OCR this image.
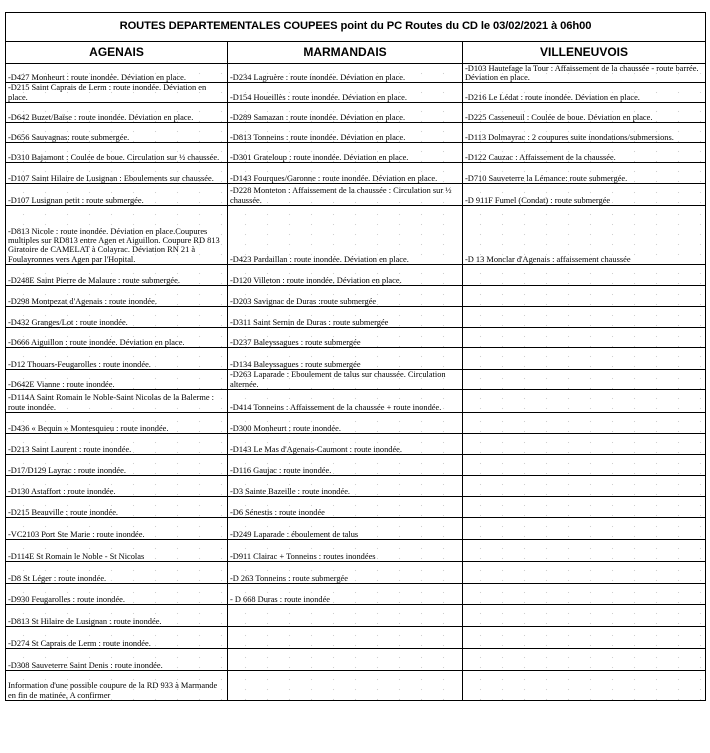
ROUTES DEPARTEMENTALES COUPEES point du PC Routes du CD le 03/02/2021 à 06h00		
AGENAIS	MARMANDAIS	VILLENEUVOIS
-D427 Monheurt : route inondée. Déviation en place.	-D234 Lagruère : route inondée. Déviation en place.	-D103 Hautefage la Tour : Affaissement de la chaussée - route barrée. Déviation en place.
-D215 Saint Caprais de Lerm : route inondée. Déviation en place.	-D154 Houeillès : route inondée. Déviation en place.	-D216 Le Lédat : route inondée. Déviation en place.
-D642 Buzet/Baïse : route inondée. Déviation en place.	-D289 Samazan : route inondée. Déviation en place.	-D225 Casseneuil : Coulée de boue. Déviation en place.
-D656 Sauvagnas: route submergée.	-D813 Tonneins : route inondée. Déviation en place.	-D113 Dolmayrac : 2 coupures suite inondations/submersions.
-D310 Bajamont : Coulée de boue. Circulation sur ½ chaussée.	-D301 Grateloup : route inondée. Déviation en place.	-D122 Cauzac : Affaissement de la chaussée.
-D107 Saint Hilaire de Lusignan : Eboulements sur chaussée.	-D143 Fourques/Garonne : route inondée. Déviation en place.	-D710 Sauveterre la Lémance: route submergée.
-D107 Lusignan petit : route submergée.	-D228 Monteton : Affaissement de la chaussée : Circulation sur ½ chaussée.	-D 911F Fumel (Condat) : route submergée
-D813 Nicole : route inondée. Déviation en place.Coupures multiples sur RD813 entre Agen et Aiguillon. Coupure RD 813 Giratoire de CAMELAT à Colayrac. Déviation RN 21 à Foulayronnes vers Agen par l'Hopital.	-D423 Pardaillan : route inondée. Déviation en place.	-D 13 Monclar d'Agenais : affaissement chaussée
-D248E Saint Pierre de Malaure : route submergée.	-D120 Villeton : route inondée. Déviation en place.	
-D298 Montpezat d'Agenais : route inondée.	-D203 Savignac de Duras :route submergée	
-D432 Granges/Lot : route inondée.	-D311 Saint Sernin de Duras : route submergée	
-D666 Aiguillon : route inondée. Déviation en place.	-D237 Baleyssagues : route submergée	
-D12 Thouars-Feugarolles : route inondée.	-D134 Baleyssagues : route submergée	
-D642E Vianne : route inondée.	-D263 Laparade : Eboulement de talus sur chaussée. Circulation alternée.	
-D114A Saint Romain le Noble-Saint Nicolas de la Balerme : route inondée.	-D414 Tonneins : Affaissement de la chaussée + route inondée.	
-D436 « Bequin » Montesquieu : route inondée.	-D300 Monheurt : route inondée.	
-D213 Saint Laurent : route inondée.	-D143 Le Mas d'Agenais-Caumont : route inondée.	
-D17/D129 Layrac : route inondée.	-D116 Gaujac : route inondée.	
-D130 Astaffort : route inondée.	-D3 Sainte Bazeille : route inondée.	
-D215 Beauville : route inondée.	-D6 Sénestis : route inondée	
-VC2103 Port Ste Marie : route inondée.	-D249 Laparade : éboulement de talus	
-D114E St Romain le Noble - St Nicolas	-D911 Clairac + Tonneins : routes inondées	
-D8 St Léger : route inondée.	-D 263 Tonneins : route submergée	
-D930 Feugarolles : route inondée.	- D 668 Duras : route inondée	
-D813 St Hilaire de Lusignan : route inondée.		
-D274 St Caprais de Lerm : route inondée.		
-D308 Sauveterre Saint Denis : route inondée.		
Information d'une possible coupure de la RD 933 à Marmande en fin de matinée, A confirmer		
